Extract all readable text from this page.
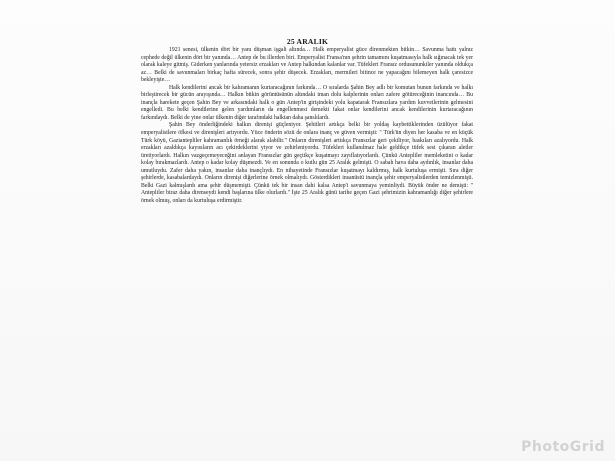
25 ARALIK

1921 senesi, ülkenin dört bir yanı düşman işgali altında… Halk emperyalist güce direnmekten bitkin… Savunma hattı yalnız cephede değil ülkenin dört bir yanında… Antep de bu illerden biri. Emperyalist Fransa'nın şehrin tamamını kuşatmasıyla halk sığınacak tek yer olarak kaleye gitmiş. Giderken yanlarında yetersiz erzakları ve Antep halkından kalanlar var. Tüfekleri Fransız ordusununkiler yanında oldukça az… Belki de savunmaları birkaç hafta sürecek, sonra şehir düşecek. Erzakları, mermileri bitince ne yapacağını bilemeyen halk çaresizce bekleyişte…

Halk kendilerini ancak bir kahramanın kurtaracağının farkında… O sıralarda Şahin Bey adlı bir komutan bunun farkında ve halkı birleştirecek bir gücün arayışında… Halkın bitkin görüntüsünün altındaki iman dolu kalplerinin onları zafere götüreceğinin inancında… Bu inançla harekete geçen Şahin Bey ve arkasındaki halk o gün Antep'in girişindeki yolu kapatarak Fransızlara yardım kuvvetlerinin gelmesini engelledi. Bu belki kendilerine gelen yardımların da engellenmesi demekti fakat onlar kendilerini ancak kendilerinin kurtaracağının farkındaydı. Belki de yine onlar ülkenin diğer tarafındaki halktan daha şanslılardı.

Şahin Bey önderliğindeki halkın direnişi güçleniyor. Şehitleri artıkça belki bir yoldaş kaybettiklerinden üzülüyor fakat emperyalistlere öfkesi ve direnişleri artıyordu. Yüce önderin sözü de onlara inanç ve güven vermişti: " Türk'ün diyen her kasaba ve en küçük Türk köyü, Gaziantepliler kahramanlık örneği alarak alabilir." Onların direnişleri arttıkça Fransızlar geri çekiliyor, baskıları azalıyordu. Halk erzakları azaldıkça kayısıların acı çekirdeklerini yiyor ve zehirleniyordu. Tüfekleri kullanılmaz hale geldikçe tüfek sesi çıkaran aletler üretiyorlardı. Halkın vazgeçemeyeceğini anlayan Fransızlar gün geçtikçe kuşatmayı zayıflatıyorlardı. Çünkü Antepliler memleketini o kadar kolay bırakmazlardı. Antep o kadar kolay düşmezdi. Ve en sonunda o kutlu gün 25 Aralık gelmişti. O sabah hava daha aydınlık, insanlar daha umutluydu. Zafer daha yakın, insanlar daha inançlıydı. En nihayetinde Fransızlar kuşatmayı kaldırmış, halk kurtuluşa ermişti. Sıra diğer şehirlerde, kasabalardaydı. Onların direnişi diğerlerine örnek olmalıydı. Gösterdikleri insanüstü inançla şehir emperyalistlerden temizlenmişti. Belki Gazi kalmışlardı ama şehir düşmemişti. Çünkü tek bir insan dahi kalsa Antep'i savunmaya yeminliydi. Büyük önder ne demişti: " Antepliler biraz daha direnseydi kendi başlarına ülke olurlardı." İşte 25 Aralık günü tarihe geçen Gazi şehrimizin kahramanlığı diğer şehirlere örnek olmuş, onları da kurtuluşa erdirmiştir.

PhotoGrid
